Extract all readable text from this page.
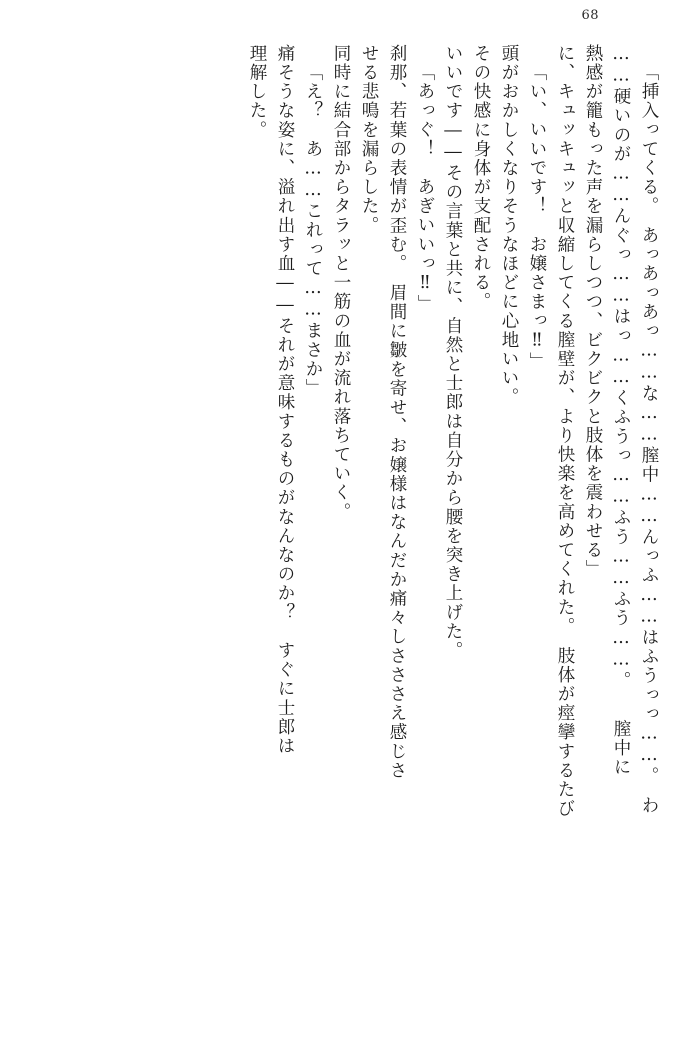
68
「挿入ってくる。　あっあっあっ……な……膣中……んっふ……はふうっっ……。　わ
……硬いのが……んぐっ……はっ……くふうっ……ふう……ふう……。　　膣中に
熱感が籠もった声を漏らしつつ、ビクビクと肢体を震わせる」
に、キュッキュッと収縮してくる膣壁が、より快楽を高めてくれた。　肢体が痙攣するたび
「い、いいです！　お嬢さまっ‼」
頭がおかしくなりそうなほどに心地いい。
その快感に身体が支配される。
いいです――その言葉と共に、自然と士郎は自分から腰を突き上げた。
「あっぐ！　あぎいいっ‼」
刹那、若葉の表情が歪む。　眉間に皺を寄せ、お嬢様はなんだか痛々しさささえ感じさ
せる悲鳴を漏らした。
同時に結合部からタラッと一筋の血が流れ落ちていく。
「え？　あ……これって……まさか」
痛そうな姿に、溢れ出す血――それが意味するものがなんなのか？　すぐに士郎は
理解した。
